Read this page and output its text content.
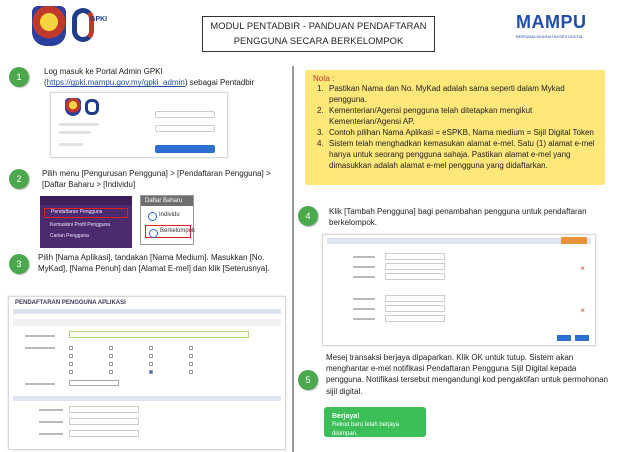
GPKI
MODUL PENTADBIR - PANDUAN PENDAFTARAN
PENGGUNA SECARA BERKELOMPOK
MAMPU
BERSAMA KEARAH AKSES DIGITAL
1
Log masuk ke Portal Admin GPKI (https://gpki.mampu.gov.my/gpki_admin) sebagai Pentadbir
2
Pilih menu [Pengurusan Pengguna] > [Pendaftaran Pengguna] > [Daftar Baharu > [Individu]
Pendaftaran Pengguna
Kemaskini Profil Pengguna
Carian Pengguna
Daftar Baharu
Individu
Berkelompok
3
Pilih [Nama Aplikasi], tandakan [Nama Medium]. Masukkan [No. MyKad], [Nama Penuh] dan [Alamat E-mel] dan klik [Seterusnya].
PENDAFTARAN PENGGUNA APLIKASI
Nota :
1. Pastikan Nama dan No. MyKad adalah sama seperti dalam Mykad pengguna.
2. Kementerian/Agensi pengguna telah ditetapkan mengikut Kementerian/Agensi AP.
3. Contoh pilihan Nama Aplikasi = eSPKB, Nama medium = Sijil Digital Token
4. Sistem telah menghadkan kemasukan alamat e-mel. Satu (1) alamat e-mel hanya untuk seorang pengguna sahaja. Pastikan alamat e-mel yang dimasukkan adalah alamat e-mel pengguna yang didaftarkan.
4	Klik [Tambah Pengguna] bagi penambahan pengguna untuk pendaftaran berkelompok.
×
×
5
Mesej transaksi berjaya dipaparkan. Klik OK untuk tutup. Sistem akan menghantar e-mel notifikasi Pendaftaran Pengguna Sijil Digital kepada pengguna. Notifikasi tersebut mengandungi kod pengaktifan untuk permohonan sijil digital.
Berjaya!
Rekod baru telah berjaya disimpan.
